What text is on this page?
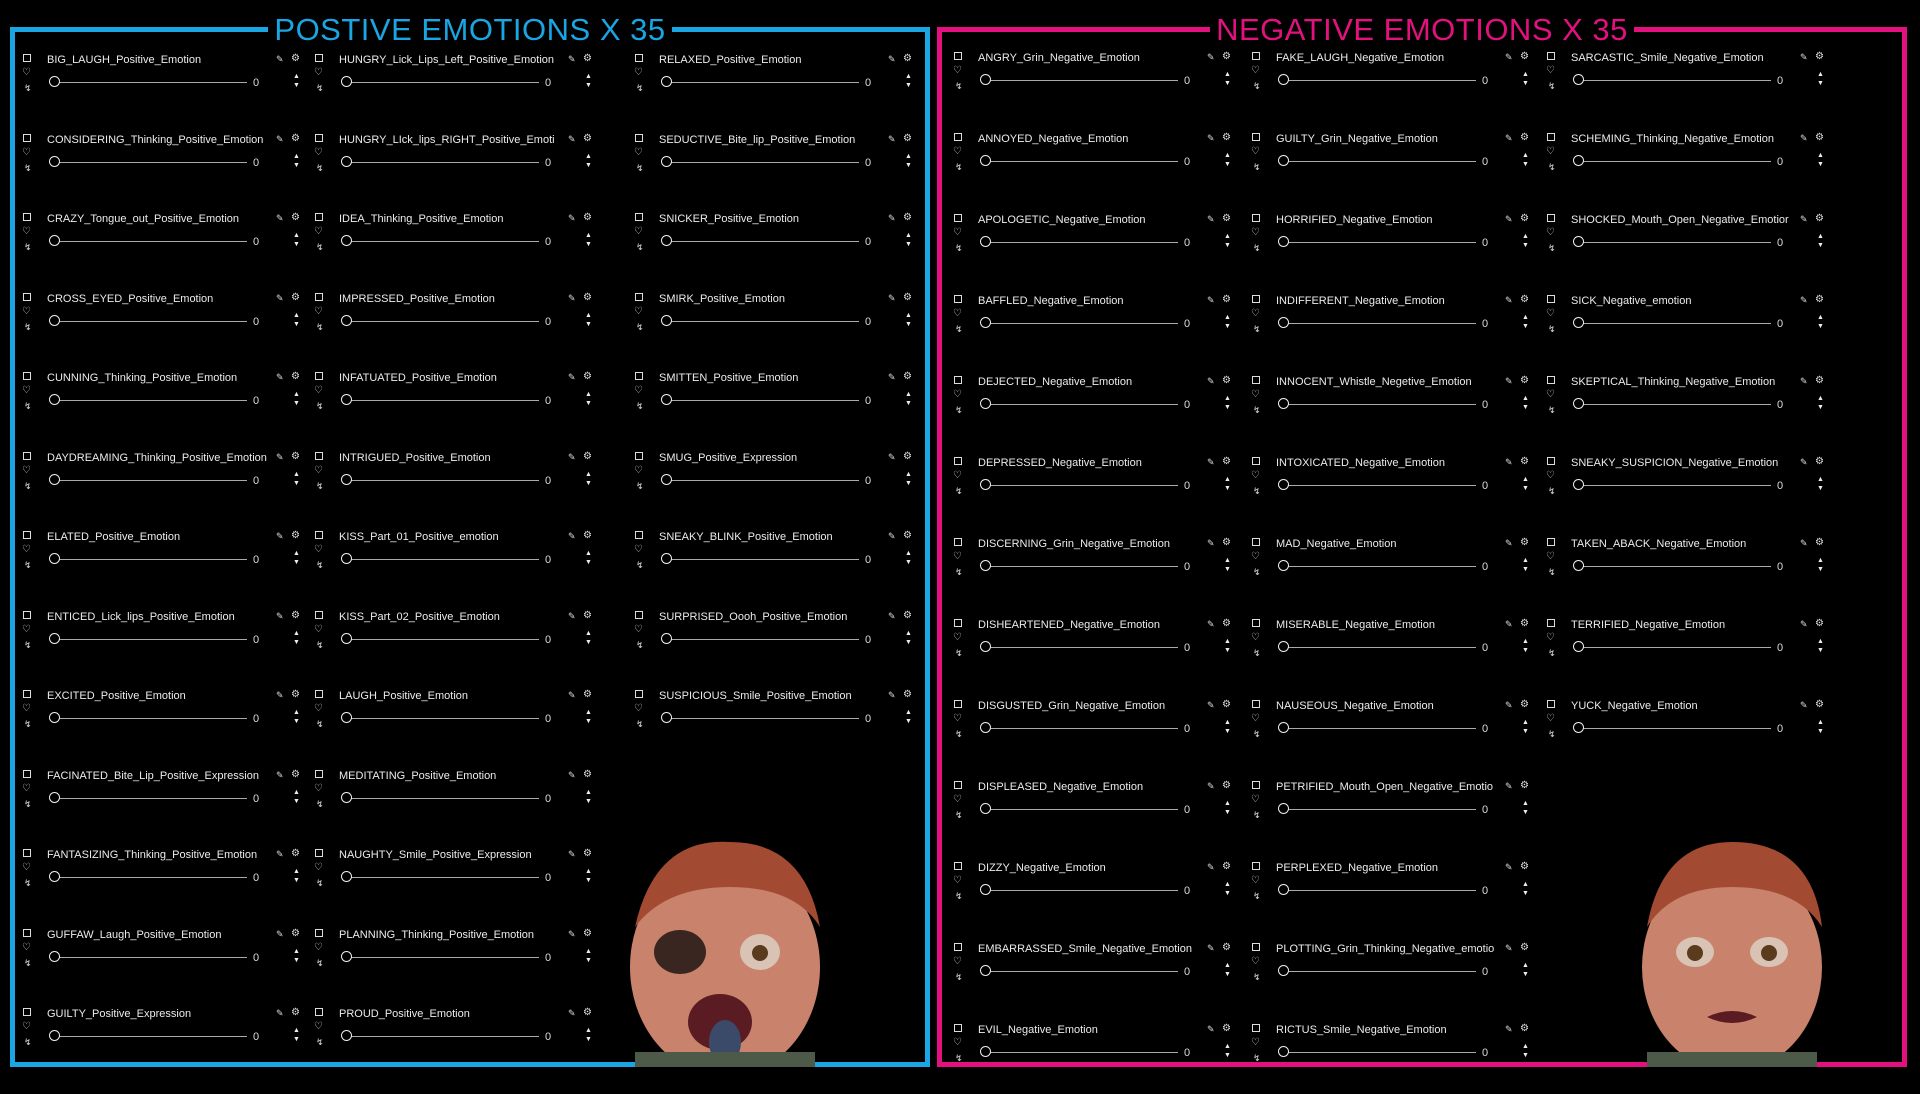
POSTIVE EMOTIONS X 35
♡
↯
BIG_LAUGH_Positive_Emotion	✎ ⚙
0
▲
▼
♡
↯
CONSIDERING_Thinking_Positive_Emotion	✎ ⚙
0
▲
▼
♡
↯
CRAZY_Tongue_out_Positive_Emotion	✎ ⚙
0
▲
▼
♡
↯
CROSS_EYED_Positive_Emotion	✎ ⚙
0
▲
▼
♡
↯
CUNNING_Thinking_Positive_Emotion	✎ ⚙
0
▲
▼
♡
↯
DAYDREAMING_Thinking_Positive_Emotion ✎ ⚙
0
▲
▼
♡
↯
ELATED_Positive_Emotion	✎ ⚙
0
▲
▼
♡
↯
ENTICED_Lick_lips_Positive_Emotion	✎ ⚙
0
▲
▼
♡
↯
EXCITED_Positive_Emotion	✎ ⚙
0
▲
▼
♡
↯
FACINATED_Bite_Lip_Positive_Expression	✎ ⚙
0
▲
▼
♡
↯
FANTASIZING_Thinking_Positive_Emotion	✎ ⚙
0
▲
▼
♡
↯
GUFFAW_Laugh_Positive_Emotion	✎ ⚙
0
▲
▼
♡
↯
GUILTY_Positive_Expression	✎ ⚙
0
▲
▼
♡
↯
HUNGRY_Lick_Lips_Left_Positive_Emotion	✎ ⚙
0
▲
▼
♡
↯
HUNGRY_LIck_lips_RIGHT_Positive_Emoti	✎ ⚙
0
▲
▼
♡
↯
IDEA_Thinking_Positive_Emotion	✎ ⚙
0
▲
▼
♡
↯
IMPRESSED_Positive_Emotion	✎ ⚙
0
▲
▼
♡
↯
INFATUATED_Positive_Emotion	✎ ⚙
0
▲
▼
♡
↯
INTRIGUED_Positive_Emotion	✎ ⚙
0
▲
▼
♡
↯
KISS_Part_01_Positive_emotion	✎ ⚙
0
▲
▼
♡
↯
KISS_Part_02_Positive_Emotion	✎ ⚙
0
▲
▼
♡
↯
LAUGH_Positive_Emotion	✎ ⚙
0
▲
▼
♡
↯
MEDITATING_Positive_Emotion	✎ ⚙
0
▲
▼
♡
↯
NAUGHTY_Smile_Positive_Expression	✎ ⚙
0
▲
▼
♡
↯
PLANNING_Thinking_Positive_Emotion	✎ ⚙
0
▲
▼
♡
↯
PROUD_Positive_Emotion	✎ ⚙
0
▲
▼
♡
↯
RELAXED_Positive_Emotion	✎ ⚙
0
▲
▼
♡
↯
SEDUCTIVE_Bite_lip_Positive_Emotion	✎ ⚙
0
▲
▼
♡
↯
SNICKER_Positive_Emotion	✎ ⚙
0
▲
▼
♡
↯
SMIRK_Positive_Emotion	✎ ⚙
0
▲
▼
♡
↯
SMITTEN_Positive_Emotion	✎ ⚙
0
▲
▼
♡
↯
SMUG_Positive_Expression	✎ ⚙
0
▲
▼
♡
↯
SNEAKY_BLINK_Positive_Emotion	✎ ⚙
0
▲
▼
♡
↯
SURPRISED_Oooh_Positive_Emotion	✎ ⚙
0
▲
▼
♡
↯
SUSPICIOUS_Smile_Positive_Emotion	✎ ⚙
0
▲
▼
NEGATIVE EMOTIONS X 35
♡
↯
ANGRY_Grin_Negative_Emotion	✎ ⚙
0
▲
▼
♡
↯
ANNOYED_Negative_Emotion	✎ ⚙
0
▲
▼
♡
↯
APOLOGETIC_Negative_Emotion	✎ ⚙
0
▲
▼
♡
↯
BAFFLED_Negative_Emotion	✎ ⚙
0
▲
▼
♡
↯
DEJECTED_Negative_Emotion	✎ ⚙
0
▲
▼
♡
↯
DEPRESSED_Negative_Emotion	✎ ⚙
0
▲
▼
♡
↯
DISCERNING_Grin_Negative_Emotion	✎ ⚙
0
▲
▼
♡
↯
DISHEARTENED_Negative_Emotion	✎ ⚙
0
▲
▼
♡
↯
DISGUSTED_Grin_Negative_Emotion	✎ ⚙
0
▲
▼
♡
↯
DISPLEASED_Negative_Emotion	✎ ⚙
0
▲
▼
♡
↯
DIZZY_Negative_Emotion	✎ ⚙
0
▲
▼
♡
↯
EMBARRASSED_Smile_Negative_Emotion	✎ ⚙
0
▲
▼
♡
↯
EVIL_Negative_Emotion	✎ ⚙
0
▲
▼
♡
↯
FAKE_LAUGH_Negative_Emotion	✎ ⚙
0
▲
▼
♡
↯
GUILTY_Grin_Negative_Emotion	✎ ⚙
0
▲
▼
♡
↯
HORRIFIED_Negative_Emotion	✎ ⚙
0
▲
▼
♡
↯
INDIFFERENT_Negative_Emotion	✎ ⚙
0
▲
▼
♡
↯
INNOCENT_Whistle_Negetive_Emotion	✎ ⚙
0
▲
▼
♡
↯
INTOXICATED_Negative_Emotion	✎ ⚙
0
▲
▼
♡
↯
MAD_Negative_Emotion	✎ ⚙
0
▲
▼
♡
↯
MISERABLE_Negative_Emotion	✎ ⚙
0
▲
▼
♡
↯
NAUSEOUS_Negative_Emotion	✎ ⚙
0
▲
▼
♡
↯
PETRIFIED_Mouth_Open_Negative_Emotio	✎ ⚙
0
▲
▼
♡
↯
PERPLEXED_Negative_Emotion	✎ ⚙
0
▲
▼
♡
↯
PLOTTING_Grin_Thinking_Negative_emotio ✎ ⚙
0
▲
▼
♡
↯
RICTUS_Smile_Negative_Emotion	✎ ⚙
0
▲
▼
♡
↯
SARCASTIC_Smile_Negative_Emotion	✎ ⚙
0
▲
▼
♡
↯
SCHEMING_Thinking_Negative_Emotion	✎ ⚙
0
▲
▼
♡
↯
SHOCKED_Mouth_Open_Negative_Emotior ✎ ⚙
0
▲
▼
♡
↯
SICK_Negative_emotion	✎ ⚙
0
▲
▼
♡
↯
SKEPTICAL_Thinking_Negative_Emotion	✎ ⚙
0
▲
▼
♡
↯
SNEAKY_SUSPICION_Negative_Emotion	✎ ⚙
0
▲
▼
♡
↯
TAKEN_ABACK_Negative_Emotion	✎ ⚙
0
▲
▼
♡
↯
TERRIFIED_Negative_Emotion	✎ ⚙
0
▲
▼
♡
↯
YUCK_Negative_Emotion	✎ ⚙
0
▲
▼
